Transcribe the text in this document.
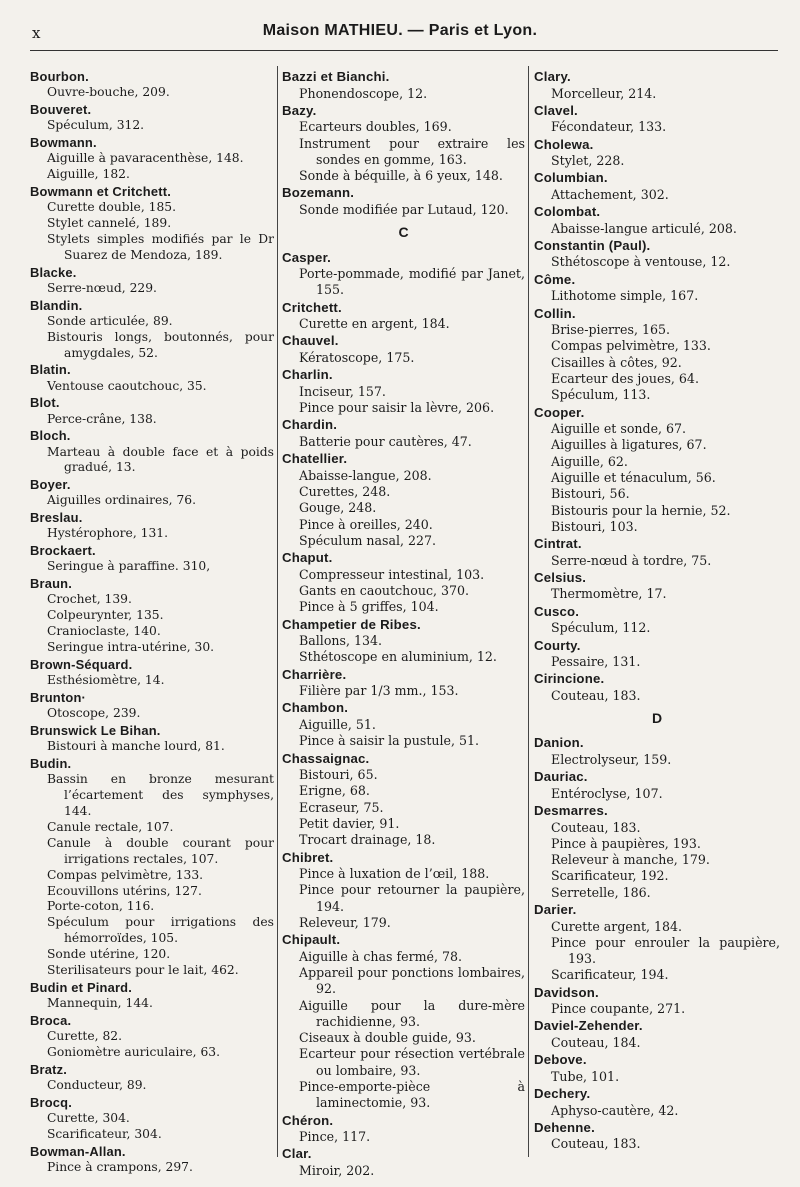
x	Maison MATHIEU. — Paris et Lyon.
Bourbon.
Ouvre-bouche, 209.
Bouveret.
Spéculum, 312.
Bowmann.
Aiguille à pavaracenthèse, 148.
Aiguille, 182.
Bowmann et Critchett.
Curette double, 185.
Stylet cannelé, 189.
Stylets simples modifiés par le Dr Suarez de Mendoza, 189.
Blacke.
Serre-nœud, 229.
Blandin.
Sonde articulée, 89.
Bistouris longs, boutonnés, pour amygdales, 52.
Blatin.
Ventouse caoutchouc, 35.
Blot.
Perce-crâne, 138.
Bloch.
Marteau à double face et à poids gradué, 13.
Boyer.
Aiguilles ordinaires, 76.
Breslau.
Hystérophore, 131.
Brockaert.
Seringue à paraffine. 310,
Braun.
Crochet, 139.
Colpeurynter, 135.
Cranioclaste, 140.
Seringue intra-utérine, 30.
Brown-Séquard.
Esthésiomètre, 14.
Brunton·
Otoscope, 239.
Brunswick Le Bihan.
Bistouri à manche lourd, 81.
Budin.
Bassin en bronze mesurant l’écartement des symphyses, 144.
Canule rectale, 107.
Canule à double courant pour irrigations rectales, 107.
Compas pelvimètre, 133.
Ecouvillons utérins, 127.
Porte-coton, 116.
Spéculum pour irrigations des hémorroïdes, 105.
Sonde utérine, 120.
Sterilisateurs pour le lait, 462.
Budin et Pinard.
Mannequin, 144.
Broca.
Curette, 82.
Goniomètre auriculaire, 63.
Bratz.
Conducteur, 89.
Brocq.
Curette, 304.
Scarificateur, 304.
Bowman-Allan.
Pince à crampons, 297.
Bazzi et Bianchi.
Phonendoscope, 12.
Bazy.
Ecarteurs doubles, 169.
Instrument pour extraire les sondes en gomme, 163.
Sonde à béquille, à 6 yeux, 148.
Bozemann.
Sonde modifiée par Lutaud, 120.
C
Casper.
Porte-pommade, modifié par Janet, 155.
Critchett.
Curette en argent, 184.
Chauvel.
Kératoscope, 175.
Charlin.
Inciseur, 157.
Pince pour saisir la lèvre, 206.
Chardin.
Batterie pour cautères, 47.
Chatellier.
Abaisse-langue, 208.
Curettes, 248.
Gouge, 248.
Pince à oreilles, 240.
Spéculum nasal, 227.
Chaput.
Compresseur intestinal, 103.
Gants en caoutchouc, 370.
Pince à 5 griffes, 104.
Champetier de Ribes.
Ballons, 134.
Sthétoscope en aluminium, 12.
Charrière.
Filière par 1/3 mm., 153.
Chambon.
Aiguille, 51.
Pince à saisir la pustule, 51.
Chassaignac.
Bistouri, 65.
Erigne, 68.
Ecraseur, 75.
Petit davier, 91.
Trocart drainage, 18.
Chibret.
Pince à luxation de l’œil, 188.
Pince pour retourner la paupière, 194.
Releveur, 179.
Chipault.
Aiguille à chas fermé, 78.
Appareil pour ponctions lombaires, 92.
Aiguille pour la dure-mère rachidienne, 93.
Ciseaux à double guide, 93.
Ecarteur pour résection vertébrale ou lombaire, 93.
Pince-emporte-pièce à laminectomie, 93.
Chéron.
Pince, 117.
Clar.
Miroir, 202.
Clary.
Morcelleur, 214.
Clavel.
Fécondateur, 133.
Cholewa.
Stylet, 228.
Columbian.
Attachement, 302.
Colombat.
Abaisse-langue articulé, 208.
Constantin (Paul).
Sthétoscope à ventouse, 12.
Côme.
Lithotome simple, 167.
Collin.
Brise-pierres, 165.
Compas pelvimètre, 133.
Cisailles à côtes, 92.
Ecarteur des joues, 64.
Spéculum, 113.
Cooper.
Aiguille et sonde, 67.
Aiguilles à ligatures, 67.
Aiguille, 62.
Aiguille et ténaculum, 56.
Bistouri, 56.
Bistouris pour la hernie, 52.
Bistouri, 103.
Cintrat.
Serre-nœud à tordre, 75.
Celsius.
Thermomètre, 17.
Cusco.
Spéculum, 112.
Courty.
Pessaire, 131.
Cirincione.
Couteau, 183.
D
Danion.
Electrolyseur, 159.
Dauriac.
Entéroclyse, 107.
Desmarres.
Couteau, 183.
Pince à paupières, 193.
Releveur à manche, 179.
Scarificateur, 192.
Serretelle, 186.
Darier.
Curette argent, 184.
Pince pour enrouler la paupière, 193.
Scarificateur, 194.
Davidson.
Pince coupante, 271.
Daviel-Zehender.
Couteau, 184.
Debove.
Tube, 101.
Dechery.
Aphyso-cautère, 42.
Dehenne.
Couteau, 183.
